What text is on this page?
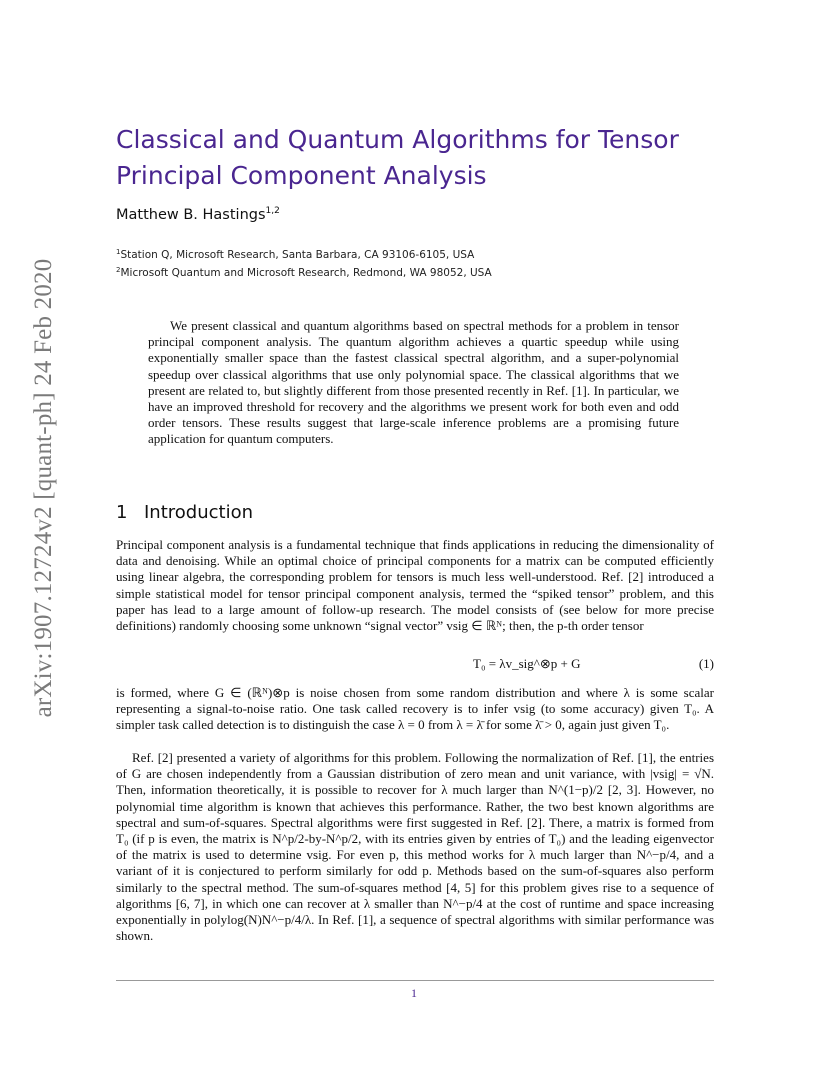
arXiv:1907.12724v2 [quant-ph] 24 Feb 2020
Classical and Quantum Algorithms for Tensor Principal Component Analysis
Matthew B. Hastings$^{1,2}$
$^1$Station Q, Microsoft Research, Santa Barbara, CA 93106-6105, USA
$^2$Microsoft Quantum and Microsoft Research, Redmond, WA 98052, USA

We present classical and quantum algorithms based on spectral methods for a problem in tensor principal component analysis. The quantum algorithm achieves a quartic speedup while using exponentially smaller space than the fastest classical spectral algorithm, and a super-polynomial speedup over classical algorithms that use only polynomial space. The classical algorithms that we present are related to, but slightly different from those presented recently in Ref. [1]. In particular, we have an improved threshold for recovery and the algorithms we present work for both even and odd order tensors. These results suggest that large-scale inference problems are a promising future application for quantum computers.

1 Introduction

Principal component analysis is a fundamental technique that finds applications in reducing the dimensionality of data and denoising. While an optimal choice of principal components for a matrix can be computed efficiently using linear algebra, the corresponding problem for tensors is much less well-understood. Ref. [2] introduced a simple statistical model for tensor principal component analysis, termed the “spiked tensor” problem, and this paper has lead to a large amount of follow-up research. The model consists of (see below for more precise definitions) randomly choosing some unknown “signal vector” vsig ∈ ℝᴺ; then, the p-th order tensor

T₀ = λv_sig^⊗p + G	(1)

is formed, where G ∈ (ℝᴺ)⊗p is noise chosen from some random distribution and where λ is some scalar representing a signal-to-noise ratio. One task called recovery is to infer vsig (to some accuracy) given T₀. A simpler task called detection is to distinguish the case λ = 0 from λ = λ̄ for some λ̄ > 0, again just given T₀.

Ref. [2] presented a variety of algorithms for this problem. Following the normalization of Ref. [1], the entries of G are chosen independently from a Gaussian distribution of zero mean and unit variance, with |vsig| = √N. Then, information theoretically, it is possible to recover for λ much larger than N^(1−p)/2 [2, 3]. However, no polynomial time algorithm is known that achieves this performance. Rather, the two best known algorithms are spectral and sum-of-squares. Spectral algorithms were first suggested in Ref. [2]. There, a matrix is formed from T₀ (if p is even, the matrix is N^p/2-by-N^p/2, with its entries given by entries of T₀) and the leading eigenvector of the matrix is used to determine vsig. For even p, this method works for λ much larger than N^−p/4, and a variant of it is conjectured to perform similarly for odd p. Methods based on the sum-of-squares also perform similarly to the spectral method. The sum-of-squares method [4, 5] for this problem gives rise to a sequence of algorithms [6, 7], in which one can recover at λ smaller than N^−p/4 at the cost of runtime and space increasing exponentially in polylog(N)N^−p/4/λ. In Ref. [1], a sequence of spectral algorithms with similar performance was shown.

1
